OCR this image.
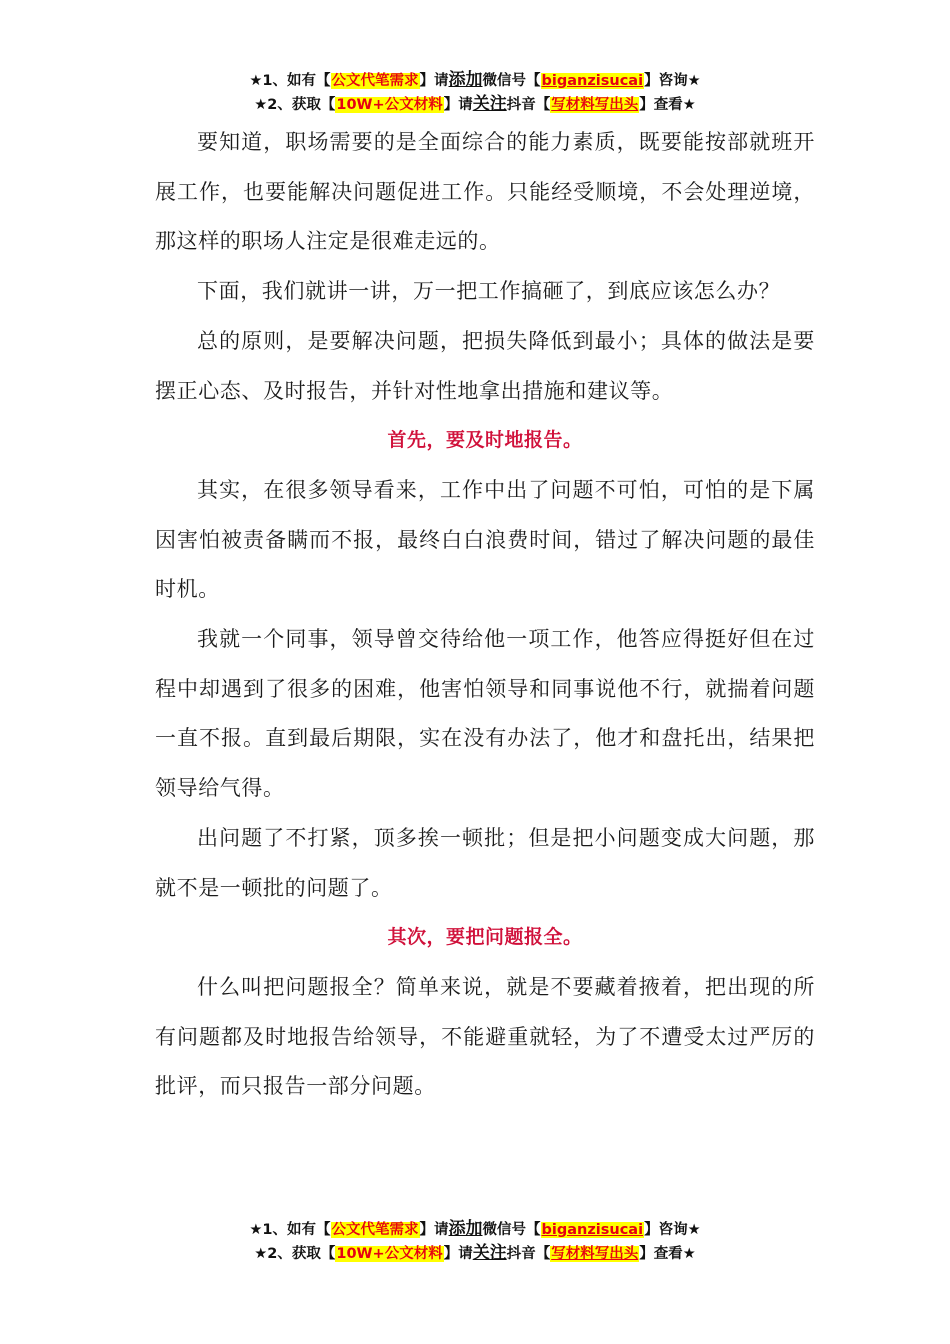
★1、如有【公文代笔需求】请添加微信号【biganzisucai】咨询★
★2、获取【10W+公文材料】请关注抖音【写材料写出头】查看★

要知道，职场需要的是全面综合的能力素质，既要能按部就班开展工作，也要能解决问题促进工作。只能经受顺境，不会处理逆境，那这样的职场人注定是很难走远的。

下面，我们就讲一讲，万一把工作搞砸了，到底应该怎么办？

总的原则，是要解决问题，把损失降低到最小；具体的做法是要摆正心态、及时报告，并针对性地拿出措施和建议等。

首先，要及时地报告。

其实，在很多领导看来，工作中出了问题不可怕，可怕的是下属因害怕被责备瞒而不报，最终白白浪费时间，错过了解决问题的最佳时机。

我就一个同事，领导曾交待给他一项工作，他答应得挺好但在过程中却遇到了很多的困难，他害怕领导和同事说他不行，就揣着问题一直不报。直到最后期限，实在没有办法了，他才和盘托出，结果把领导给气得。

出问题了不打紧，顶多挨一顿批；但是把小问题变成大问题，那就不是一顿批的问题了。

其次，要把问题报全。

什么叫把问题报全？简单来说，就是不要藏着掖着，把出现的所有问题都及时地报告给领导，不能避重就轻，为了不遭受太过严厉的批评，而只报告一部分问题。

★1、如有【公文代笔需求】请添加微信号【biganzisucai】咨询★
★2、获取【10W+公文材料】请关注抖音【写材料写出头】查看★
